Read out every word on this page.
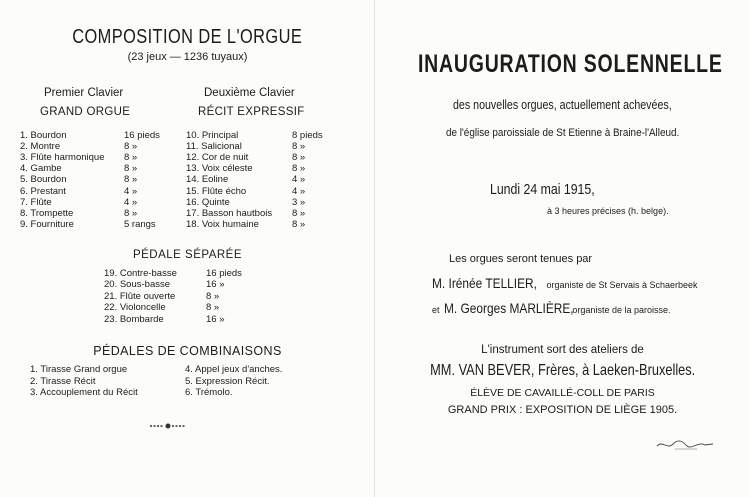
COMPOSITION DE L'ORGUE
(23 jeux — 1236 tuyaux)
Premier Clavier
GRAND ORGUE
Deuxième Clavier
RÉCIT EXPRESSIF
1. Bourdon	16 pieds
2. Montre	8 »
3. Flûte harmonique 8 »
4. Gambe	8 »
5. Bourdon	8 »
6. Prestant	4 »
7. Flûte	4 »
8. Trompette	8 »
9. Fourniture	5 rangs
10. Principal	8 pieds
11. Salicional	8 »
12. Cor de nuit	8 »
13. Voix céleste	8 »
14. Eoline	4 »
15. Flûte écho	4 »
16. Quinte	3 »
17. Basson hautbois 8 »
18. Voix humaine	8 »
PÉDALE SÉPARÉE
19. Contre-basse	16 pieds
20. Sous-basse	16 »
21. Flûte ouverte	8 »
22. Violoncelle	8 »
23. Bombarde	16 »
PÉDALES DE COMBINAISONS
1. Tirasse Grand orgue
2. Tirasse Récit
3. Accouplement du Récit
4. Appel jeux d'anches.
5. Expression Récit.
6. Trémolo.
INAUGURATION SOLENNELLE
des nouvelles orgues, actuellement achevées,
de l'église paroissiale de St Etienne à Braine-l'Alleud.
Lundi 24 mai 1915,
à 3 heures précises (h. belge).
Les orgues seront tenues par
M. Irénée TELLIER, organiste de St Servais à Schaerbeek
et M. Georges MARLIÈRE, organiste de la paroisse.
L'instrument sort des ateliers de
MM. VAN BEVER, Frères, à Laeken-Bruxelles.
ÉLÈVE DE CAVAILLÉ-COLL DE PARIS
GRAND PRIX : EXPOSITION DE LIÈGE 1905.
